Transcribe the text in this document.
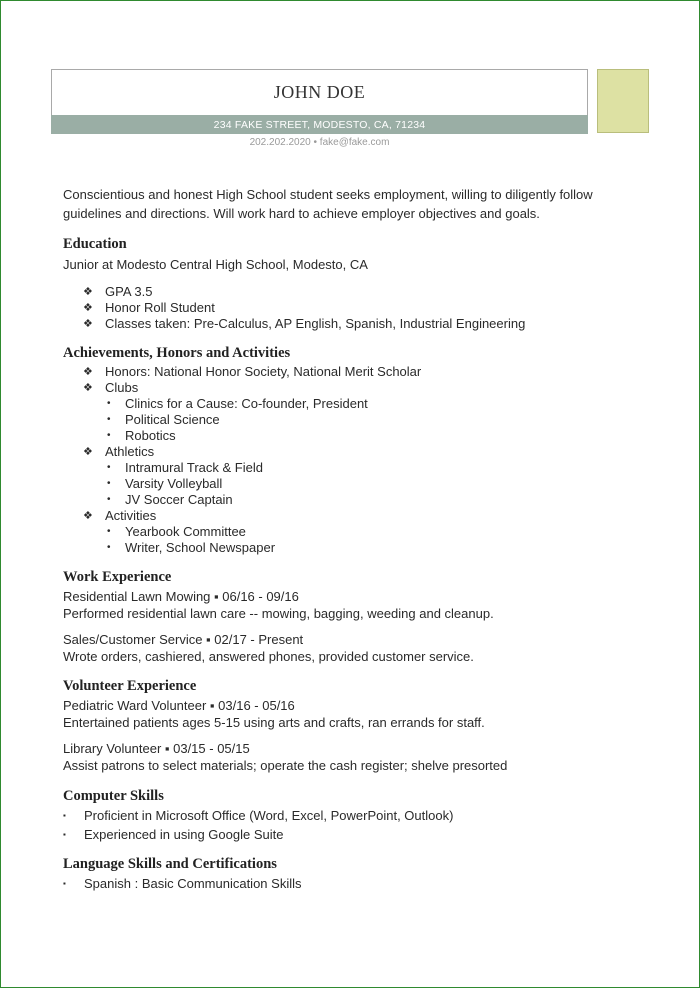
JOHN DOE
234 FAKE STREET, MODESTO, CA, 71234
202.202.2020 • fake@fake.com

Conscientious and honest High School student seeks employment, willing to diligently follow guidelines and directions. Will work hard to achieve employer objectives and goals.

Education

Junior at Modesto Central High School, Modesto, CA

❖ GPA 3.5
❖ Honor Roll Student
❖ Classes taken: Pre-Calculus, AP English, Spanish, Industrial Engineering

Achievements, Honors and Activities

❖ Honors: National Honor Society, National Merit Scholar
❖ Clubs
• Clinics for a Cause: Co-founder, President
• Political Science
• Robotics
❖ Athletics
• Intramural Track & Field
• Varsity Volleyball
• JV Soccer Captain
❖ Activities
• Yearbook Committee
• Writer, School Newspaper

Work Experience

Residential Lawn Mowing ▪ 06/16 - 09/16

Performed residential lawn care -- mowing, bagging, weeding and cleanup.

Sales/Customer Service ▪ 02/17 - Present

Wrote orders, cashiered, answered phones, provided customer service.

Volunteer Experience

Pediatric Ward Volunteer ▪ 03/16 - 05/16

Entertained patients ages 5-15 using arts and crafts, ran errands for staff.

Library Volunteer ▪ 03/15 - 05/15

Assist patrons to select materials; operate the cash register; shelve presorted

Computer Skills

▪ Proficient in Microsoft Office (Word, Excel, PowerPoint, Outlook)
▪ Experienced in using Google Suite

Language Skills and Certifications

▪ Spanish : Basic Communication Skills
